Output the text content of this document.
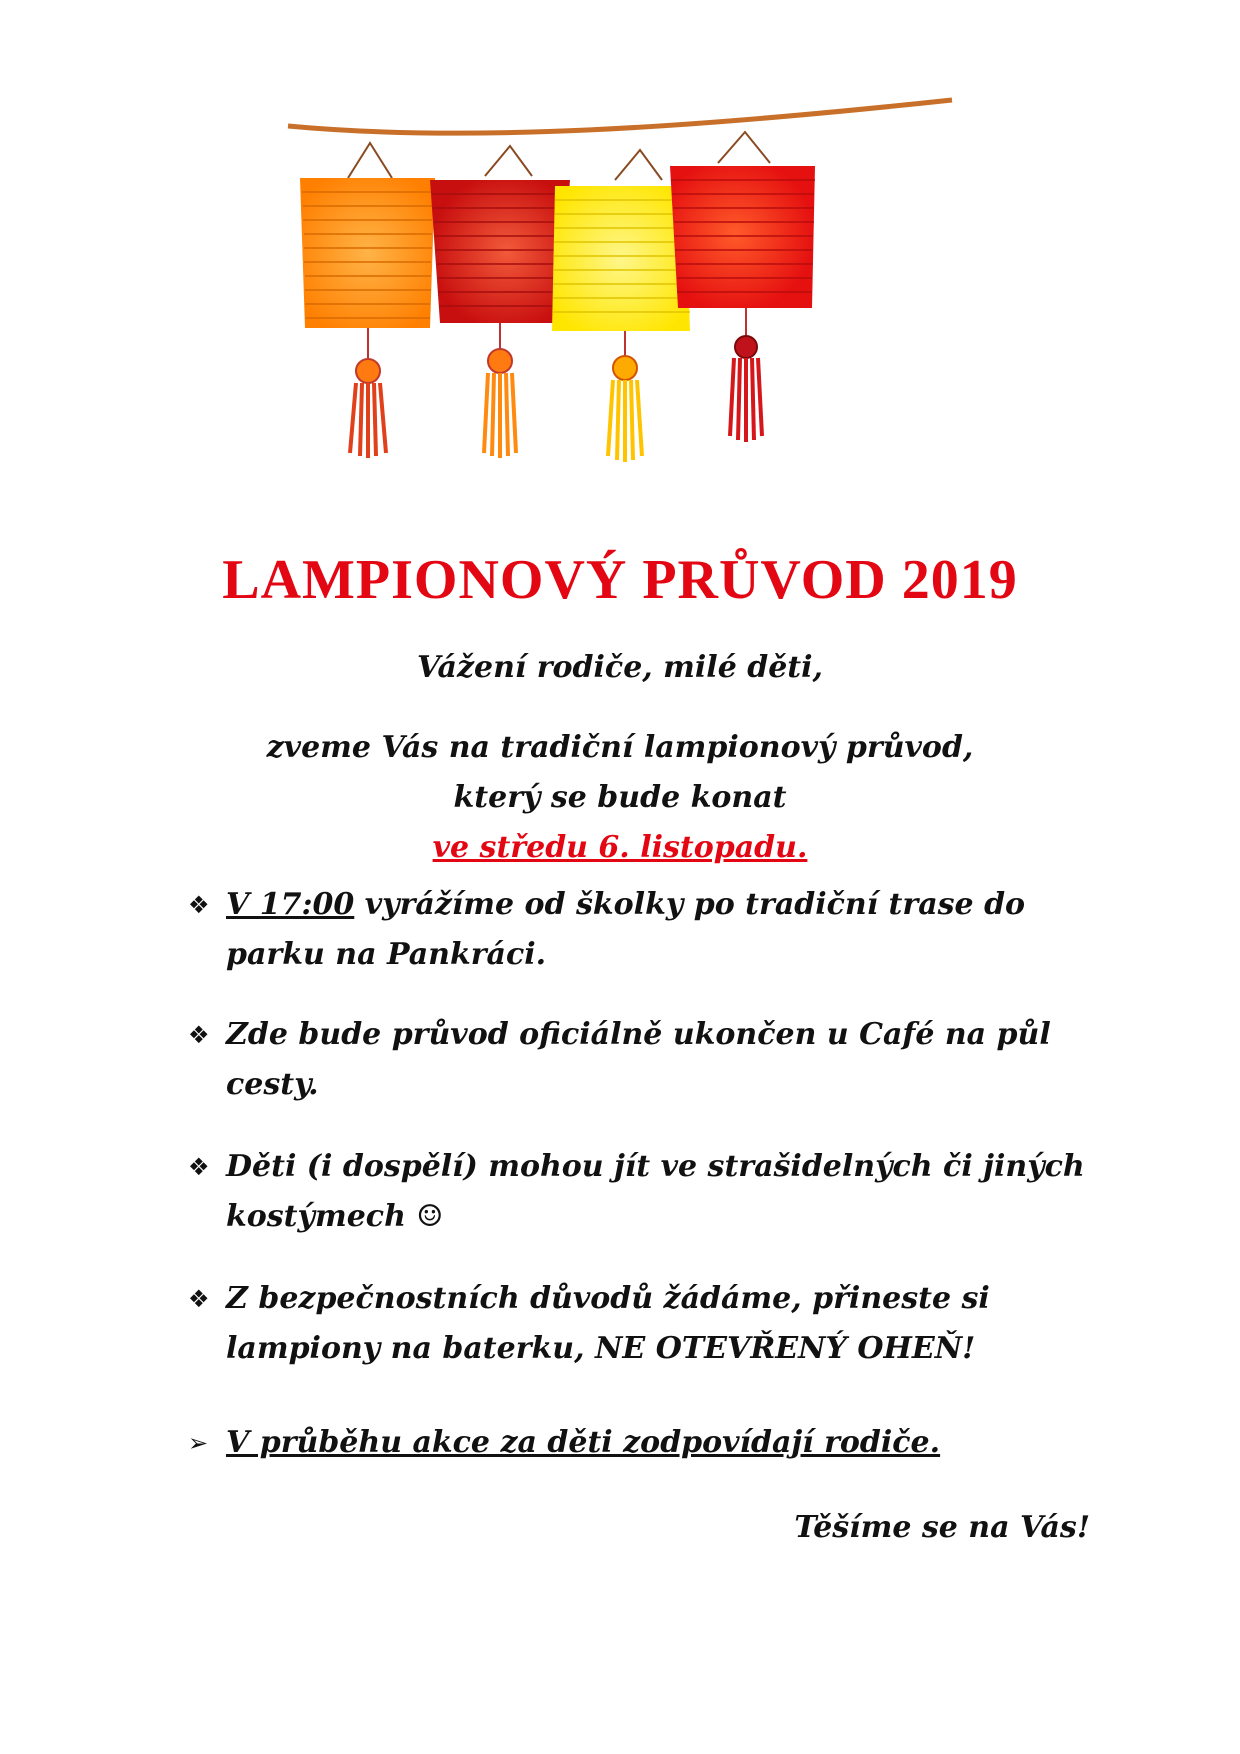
LAMPIONOVÝ PRŮVOD 2019
Vážení rodiče, milé děti,
zveme Vás na tradiční lampionový průvod,
který se bude konat
ve středu 6. listopadu.
❖ V 17:00 vyrážíme od školky po tradiční trase do parku na Pankráci.
❖ Zde bude průvod oficiálně ukončen u Café na půl cesty.
❖ Děti (i dospělí) mohou jít ve strašidelných či jiných kostýmech ☺
❖ Z bezpečnostních důvodů žádáme, přineste si lampiony na baterku, NE OTEVŘENÝ OHEŇ!
➢ V průběhu akce za děti zodpovídají rodiče.
Těšíme se na Vás!
